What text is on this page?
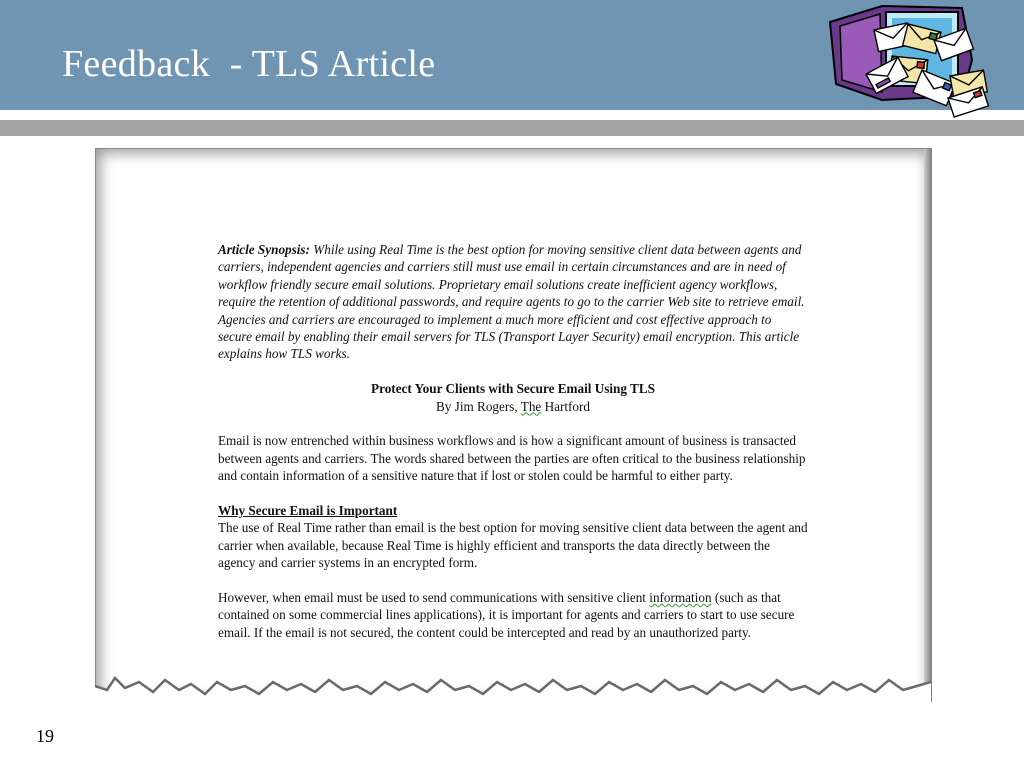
Feedback  - TLS Article

Article Synopsis: While using Real Time is the best option for moving sensitive client data between agents and carriers, independent agencies and carriers still must use email in certain circumstances and are in need of workflow friendly secure email solutions. Proprietary email solutions create inefficient agency workflows, require the retention of additional passwords, and require agents to go to the carrier Web site to retrieve email. Agencies and carriers are encouraged to implement a much more efficient and cost effective approach to secure email by enabling their email servers for TLS (Transport Layer Security) email encryption. This article explains how TLS works.

Protect Your Clients with Secure Email Using TLS
By Jim Rogers, The Hartford

Email is now entrenched within business workflows and is how a significant amount of business is transacted between agents and carriers. The words shared between the parties are often critical to the business relationship and contain information of a sensitive nature that if lost or stolen could be harmful to either party.

Why Secure Email is Important
The use of Real Time rather than email is the best option for moving sensitive client data between the agent and carrier when available, because Real Time is highly efficient and transports the data directly between the agency and carrier systems in an encrypted form.

However, when email must be used to send communications with sensitive client information (such as that contained on some commercial lines applications), it is important for agents and carriers to start to use secure email. If the email is not secured, the content could be intercepted and read by an unauthorized party.

19
